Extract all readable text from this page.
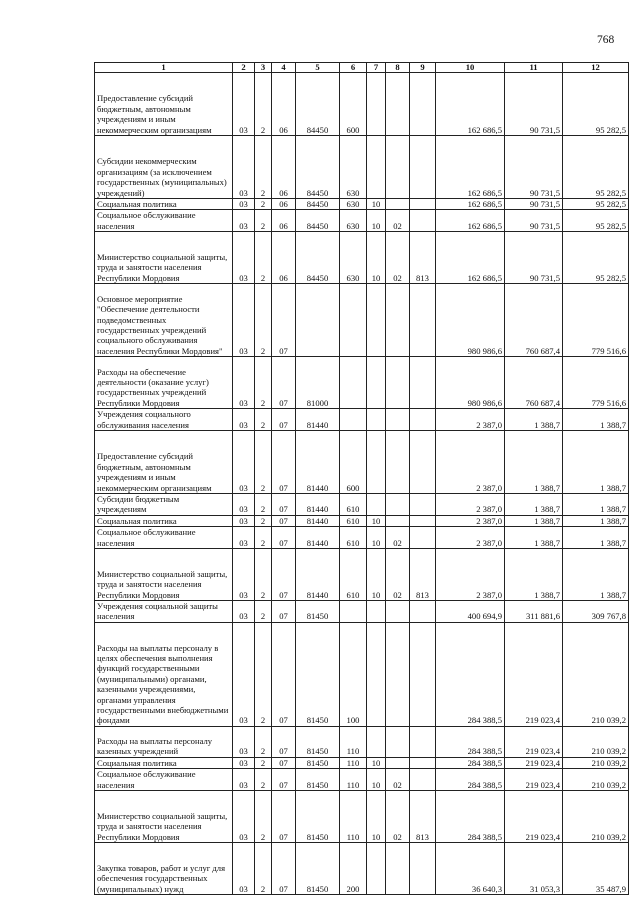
768
1	2	3	4	5	6	7	8	9	10	11	12
Предоставление субсидий бюджетным, автономным учреждениям и иным некоммерческим организациям	03	2	06	84450	600				162 686,5	90 731,5	95 282,5
Субсидии некоммерческим организациям (за исключением государственных (муниципальных) учреждений)	03	2	06	84450	630				162 686,5	90 731,5	95 282,5
Социальная политика	03	2	06	84450	630	10			162 686,5	90 731,5	95 282,5
Социальное обслуживание населения	03	2	06	84450	630	10	02		162 686,5	90 731,5	95 282,5
Министерство социальной защиты, труда и занятости населения Республики Мордовия	03	2	06	84450	630	10	02	813	162 686,5	90 731,5	95 282,5
Основное мероприятие "Обеспечение деятельности подведомственных государственных учреждений социального обслуживания населения Республики Мордовия"	03	2	07						980 986,6	760 687,4	779 516,6
Расходы на обеспечение деятельности (оказание услуг) государственных учреждений Республики Мордовия	03	2	07	81000					980 986,6	760 687,4	779 516,6
Учреждения социального обслуживания населения	03	2	07	81440					2 387,0	1 388,7	1 388,7
Предоставление субсидий бюджетным, автономным учреждениям и иным некоммерческим организациям	03	2	07	81440	600				2 387,0	1 388,7	1 388,7
Субсидии бюджетным учреждениям	03	2	07	81440	610				2 387,0	1 388,7	1 388,7
Социальная политика	03	2	07	81440	610	10			2 387,0	1 388,7	1 388,7
Социальное обслуживание населения	03	2	07	81440	610	10	02		2 387,0	1 388,7	1 388,7
Министерство социальной защиты, труда и занятости населения Республики Мордовия	03	2	07	81440	610	10	02	813	2 387,0	1 388,7	1 388,7
Учреждения социальной защиты населения	03	2	07	81450					400 694,9	311 881,6	309 767,8
Расходы на выплаты персоналу в целях обеспечения выполнения функций государственными (муниципальными) органами, казенными учреждениями, органами управления государственными внебюджетными фондами	03	2	07	81450	100				284 388,5	219 023,4	210 039,2
Расходы на выплаты персоналу казенных учреждений	03	2	07	81450	110				284 388,5	219 023,4	210 039,2
Социальная политика	03	2	07	81450	110	10			284 388,5	219 023,4	210 039,2
Социальное обслуживание населения	03	2	07	81450	110	10	02		284 388,5	219 023,4	210 039,2
Министерство социальной защиты, труда и занятости населения Республики Мордовия	03	2	07	81450	110	10	02	813	284 388,5	219 023,4	210 039,2
Закупка товаров, работ и услуг для обеспечения государственных (муниципальных) нужд	03	2	07	81450	200				36 640,3	31 053,3	35 487,9
